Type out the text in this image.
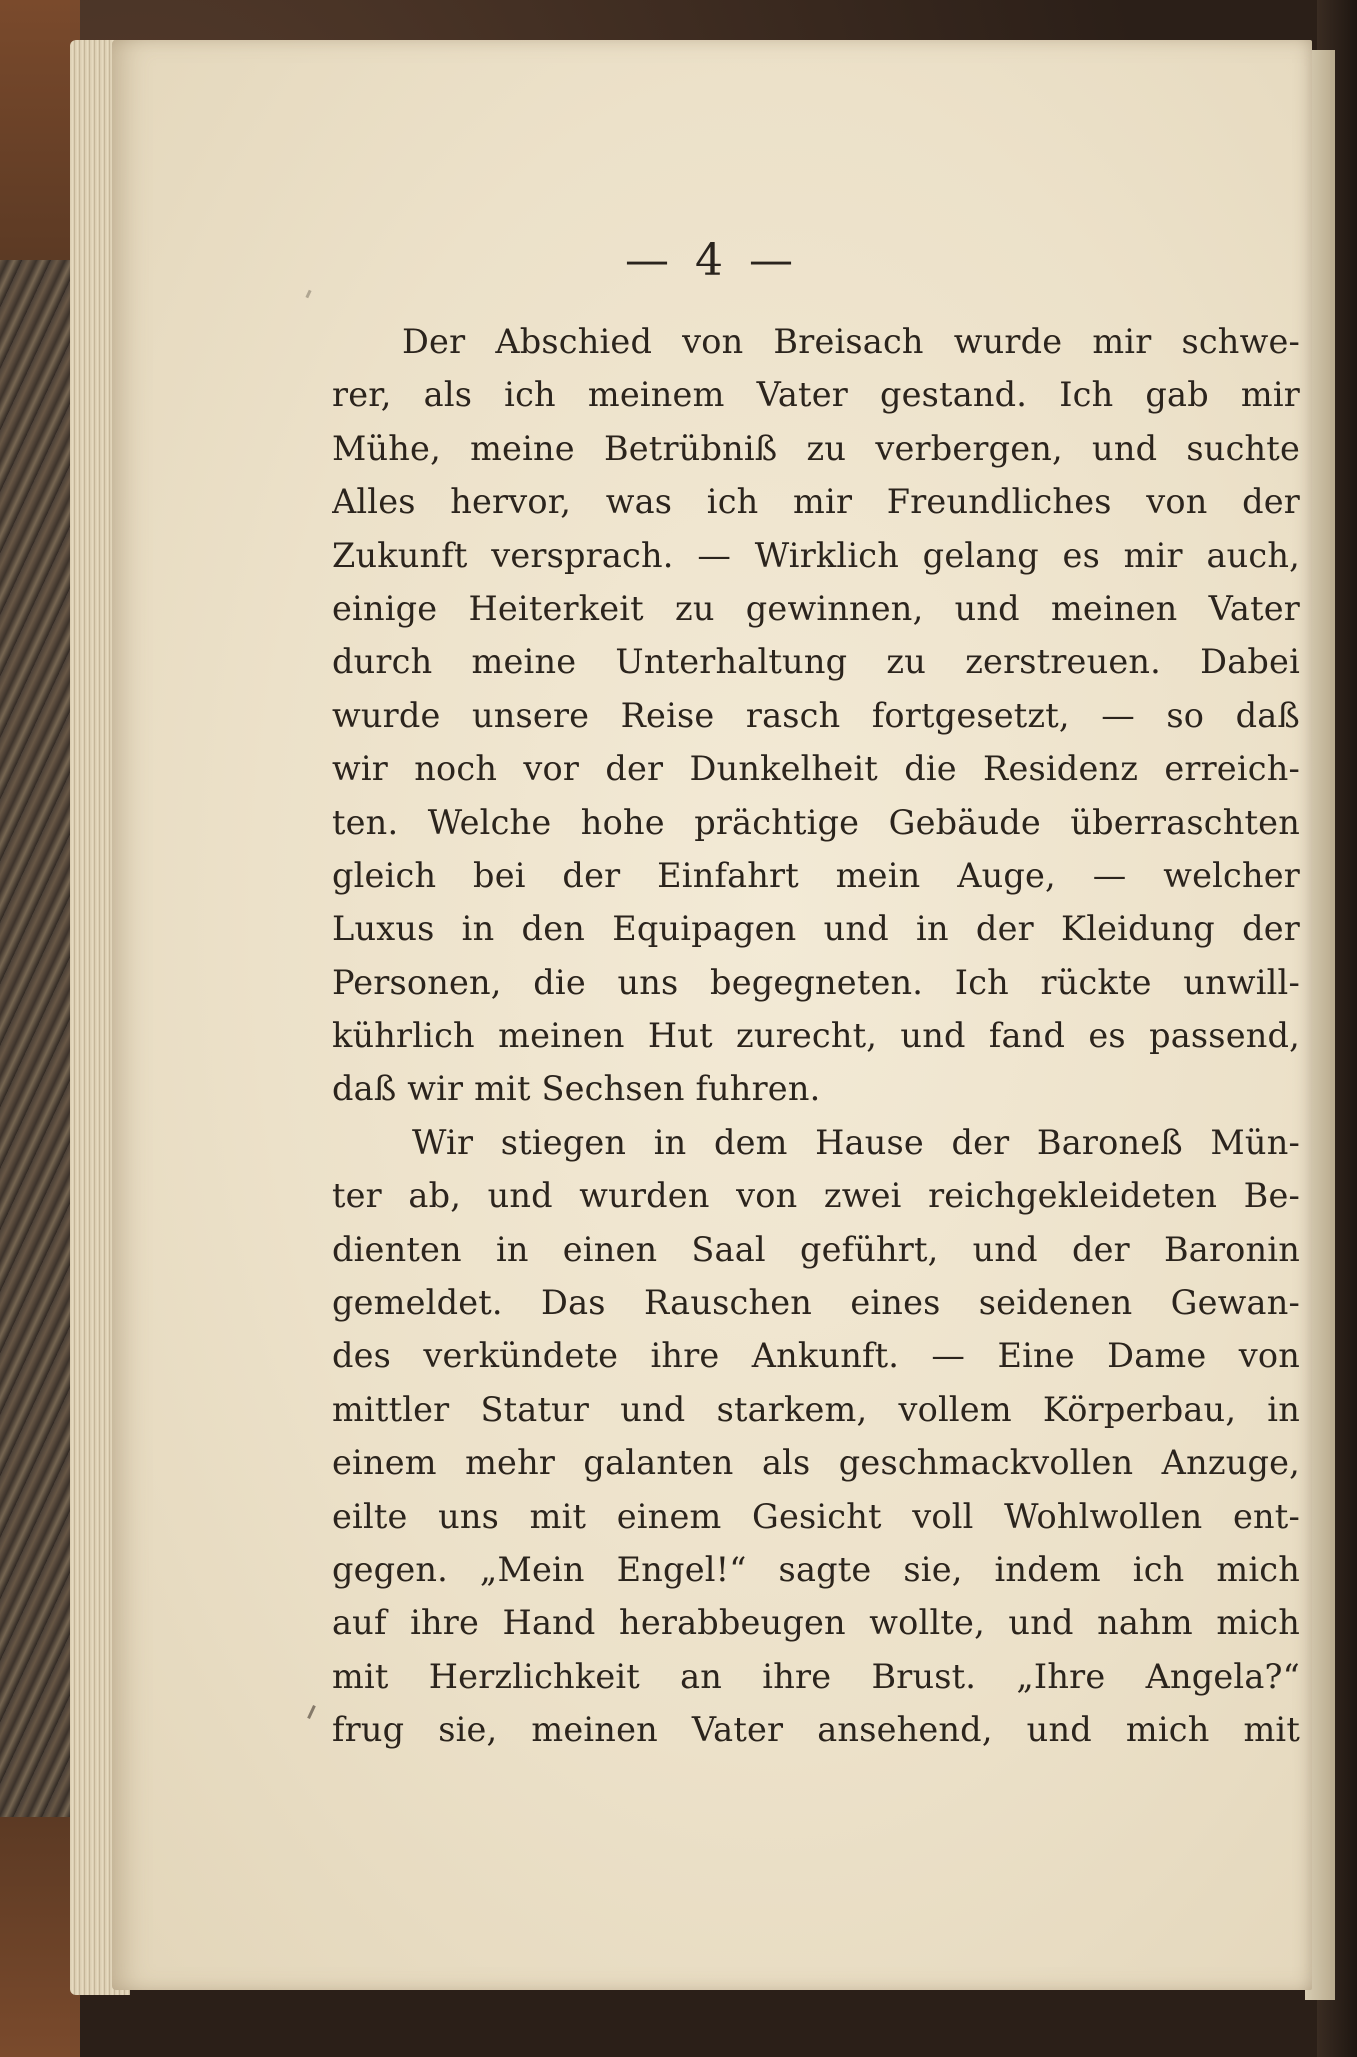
— 4 —
Der Abschied von Breisach wurde mir schwe-
rer, als ich meinem Vater gestand. Ich gab mir
Mühe, meine Betrübniß zu verbergen, und suchte
Alles hervor, was ich mir Freundliches von der
Zukunft versprach. — Wirklich gelang es mir auch,
einige Heiterkeit zu gewinnen, und meinen Vater
durch meine Unterhaltung zu zerstreuen. Dabei
wurde unsere Reise rasch fortgesetzt, — so daß
wir noch vor der Dunkelheit die Residenz erreich-
ten. Welche hohe prächtige Gebäude überraschten
gleich bei der Einfahrt mein Auge, — welcher
Luxus in den Equipagen und in der Kleidung der
Personen, die uns begegneten. Ich rückte unwill-
kührlich meinen Hut zurecht, und fand es passend,
daß wir mit Sechsen fuhren.
Wir stiegen in dem Hause der Baroneß Mün-
ter ab, und wurden von zwei reichgekleideten Be-
dienten in einen Saal geführt, und der Baronin
gemeldet. Das Rauschen eines seidenen Gewan-
des verkündete ihre Ankunft. — Eine Dame von
mittler Statur und starkem, vollem Körperbau, in
einem mehr galanten als geschmackvollen Anzuge,
eilte uns mit einem Gesicht voll Wohlwollen ent-
gegen. „Mein Engel!“ sagte sie, indem ich mich
auf ihre Hand herabbeugen wollte, und nahm mich
mit Herzlichkeit an ihre Brust. „Ihre Angela?“
frug sie, meinen Vater ansehend, und mich mit
